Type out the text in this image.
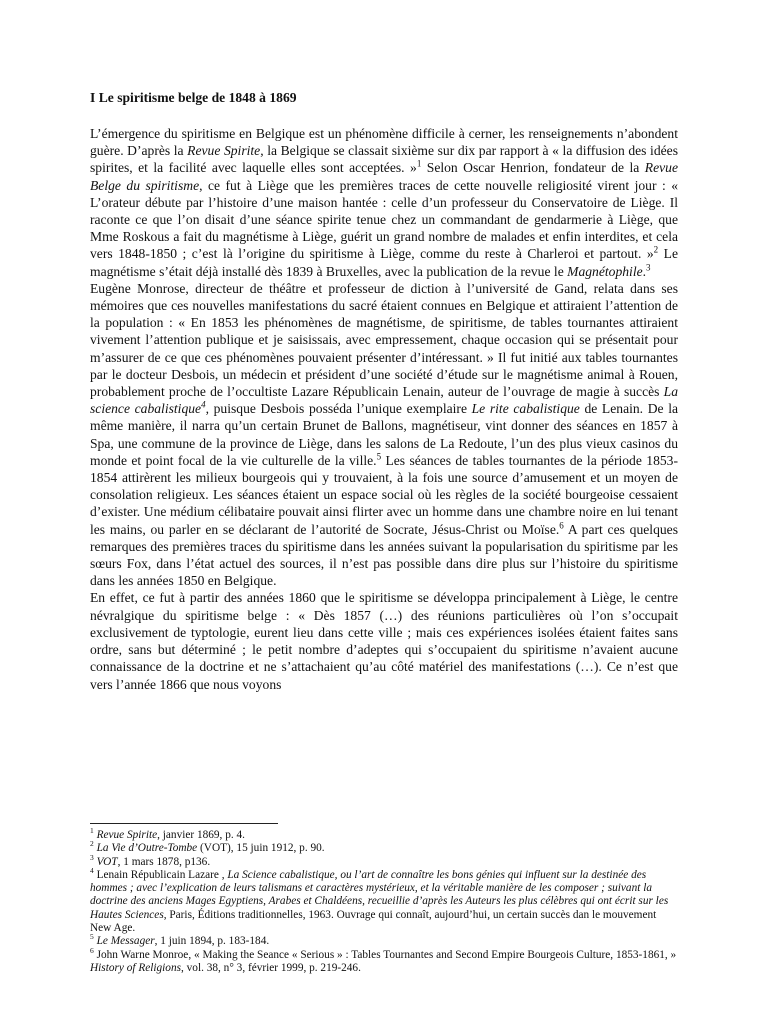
I Le spiritisme belge de 1848 à 1869

L’émergence du spiritisme en Belgique est un phénomène difficile à cerner, les renseignements n’abondent guère. D’après la Revue Spirite, la Belgique se classait sixième sur dix par rapport à « la diffusion des idées spirites, et la facilité avec laquelle elles sont acceptées. »$^1$ Selon Oscar Henrion, fondateur de la Revue Belge du spiritisme, ce fut à Liège que les premières traces de cette nouvelle religiosité virent jour : « L’orateur débute par l’histoire d’une maison hantée : celle d’un professeur du Conservatoire de Liège. Il raconte ce que l’on disait d’une séance spirite tenue chez un commandant de gendarmerie à Liège, que Mme Roskous a fait du magnétisme à Liège, guérit un grand nombre de malades et enfin interdites, et cela vers 1848-1850 ; c’est là l’origine du spiritisme à Liège, comme du reste à Charleroi et partout. »$^2$ Le magnétisme s’était déjà installé dès 1839 à Bruxelles, avec la publication de la revue le Magnétophile.$^3$

Eugène Monrose, directeur de théâtre et professeur de diction à l’université de Gand, relata dans ses mémoires que ces nouvelles manifestations du sacré étaient connues en Belgique et attiraient l’attention de la population : « En 1853 les phénomènes de magnétisme, de spiritisme, de tables tournantes attiraient vivement l’attention publique et je saisissais, avec empressement, chaque occasion qui se présentait pour m’assurer de ce que ces phénomènes pouvaient présenter d’intéressant. » Il fut initié aux tables tournantes par le docteur Desbois, un médecin et président d’une société d’étude sur le magnétisme animal à Rouen, probablement proche de l’occultiste Lazare Républicain Lenain, auteur de l’ouvrage de magie à succès La science cabalistique$^4$, puisque Desbois posséda l’unique exemplaire Le rite cabalistique de Lenain. De la même manière, il narra qu’un certain Brunet de Ballons, magnétiseur, vint donner des séances en 1857 à Spa, une commune de la province de Liège, dans les salons de La Redoute, l’un des plus vieux casinos du monde et point focal de la vie culturelle de la ville.$^5$ Les séances de tables tournantes de la période 1853-1854 attirèrent les milieux bourgeois qui y trouvaient, à la fois une source d’amusement et un moyen de consolation religieux. Les séances étaient un espace social où les règles de la société bourgeoise cessaient d’exister. Une médium célibataire pouvait ainsi flirter avec un homme dans une chambre noire en lui tenant les mains, ou parler en se déclarant de l’autorité de Socrate, Jésus-Christ ou Moïse.$^6$ A part ces quelques remarques des premières traces du spiritisme dans les années suivant la popularisation du spiritisme par les sœurs Fox, dans l’état actuel des sources, il n’est pas possible dans dire plus sur l’histoire du spiritisme dans les années 1850 en Belgique.

En effet, ce fut à partir des années 1860 que le spiritisme se développa principalement à Liège, le centre névralgique du spiritisme belge : « Dès 1857 (…) des réunions particulières où l’on s’occupait exclusivement de typtologie, eurent lieu dans cette ville ; mais ces expériences isolées étaient faites sans ordre, sans but déterminé ; le petit nombre d’adeptes qui s’occupaient du spiritisme n’avaient aucune connaissance de la doctrine et ne s’attachaient qu’au côté matériel des manifestations (…). Ce n’est que vers l’année 1866 que nous voyons

$^1$ Revue Spirite, janvier 1869, p. 4.

$^2$ La Vie d’Outre-Tombe (VOT), 15 juin 1912, p. 90.

$^3$ VOT, 1 mars 1878, p136.

$^4$ Lenain Républicain Lazare , La Science cabalistique, ou l’art de connaître les bons génies qui influent sur la destinée des hommes ; avec l’explication de leurs talismans et caractères mystérieux, et la véritable manière de les composer ; suivant la doctrine des anciens Mages Egyptiens, Arabes et Chaldéens, recueillie d’après les Auteurs les plus célèbres qui ont écrit sur les Hautes Sciences, Paris, Éditions traditionnelles, 1963. Ouvrage qui connaît, aujourd’hui, un certain succès dan le mouvement New Age.

$^5$ Le Messager, 1 juin 1894, p. 183-184.

$^6$ John Warne Monroe, « Making the Seance « Serious » : Tables Tournantes and Second Empire Bourgeois Culture, 1853-1861, » History of Religions, vol. 38, n° 3, février 1999, p. 219-246.
